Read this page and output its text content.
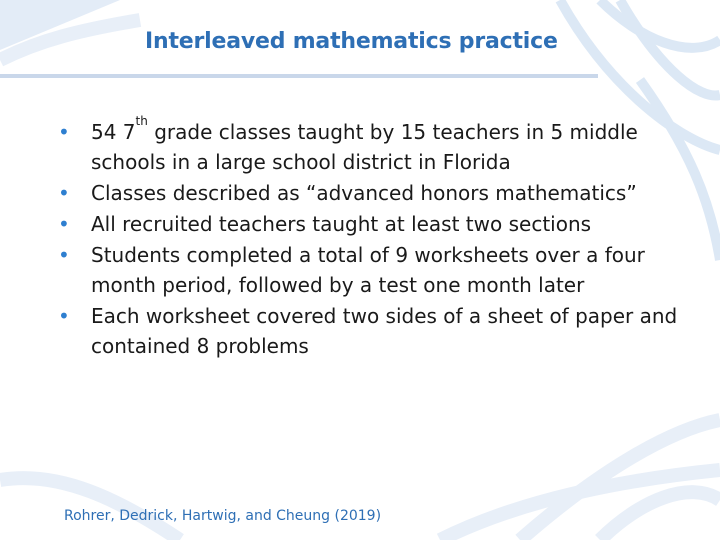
Interleaved mathematics practice
• 54 7th grade classes taught by 15 teachers in 5 middle schools in a large school district in Florida
• Classes described as “advanced honors mathematics”
• All recruited teachers taught at least two sections
• Students completed a total of 9 worksheets over a four month period, followed by a test one month later
• Each worksheet covered two sides of a sheet of paper and contained 8 problems
Rohrer, Dedrick, Hartwig, and Cheung (2019)
